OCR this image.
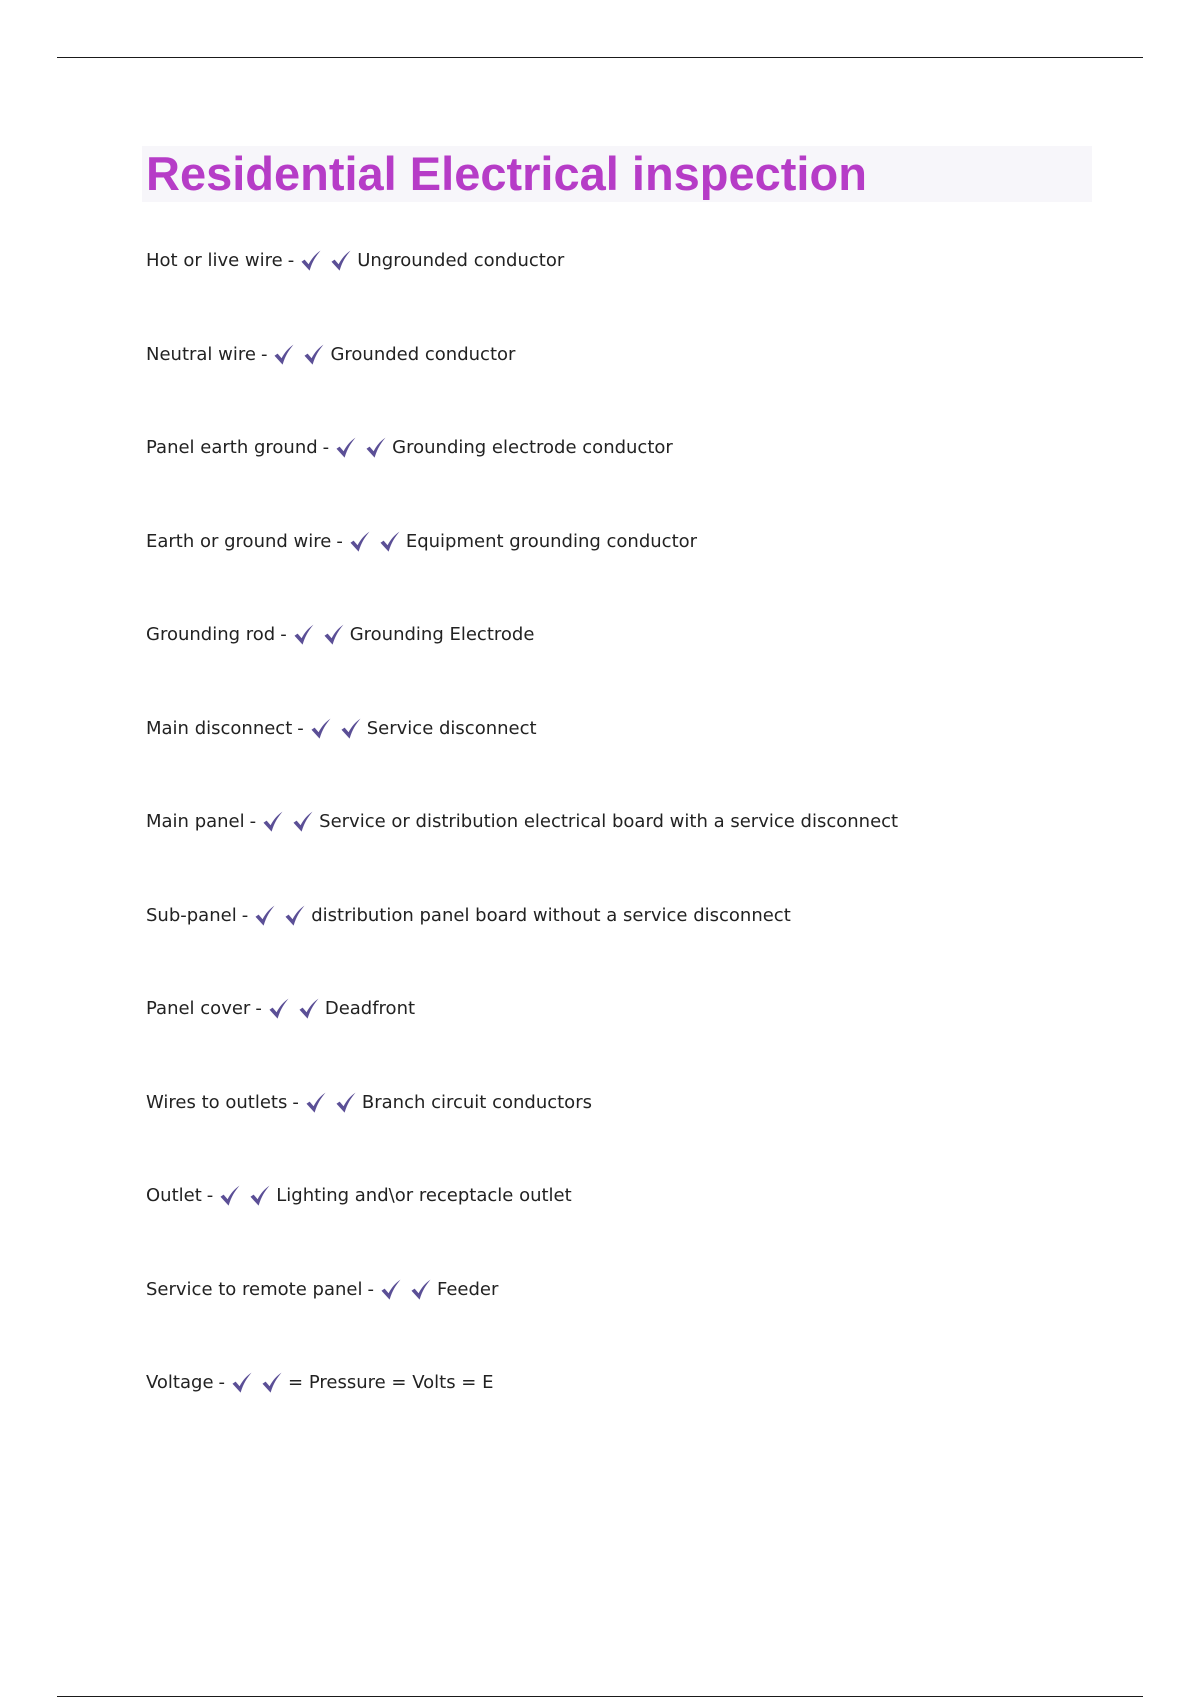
Residential Electrical inspection
Hot or live wire -	Ungrounded conductor
Neutral wire -	Grounded conductor
Panel earth ground -	Grounding electrode conductor
Earth or ground wire -	Equipment grounding conductor
Grounding rod -	Grounding Electrode
Main disconnect -	Service disconnect
Main panel -	Service or distribution electrical board with a service disconnect
Sub-panel -	distribution panel board without a service disconnect
Panel cover -	Deadfront
Wires to outlets -	Branch circuit conductors
Outlet -	Lighting and\or receptacle outlet
Service to remote panel -	Feeder
Voltage -	= Pressure = Volts = E
